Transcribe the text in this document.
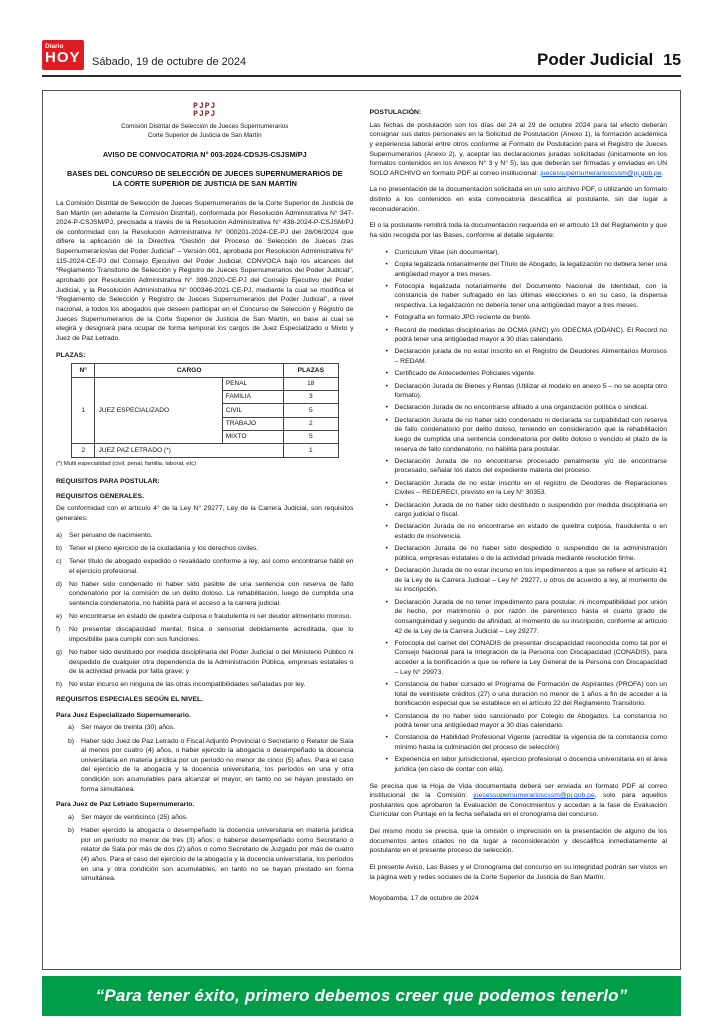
Diario
HOY Sábado, 19 de octubre de 2024	Poder Judicial 15
PJPJ
PJPJ
Comisión Distrital de Selección de Jueces Supernumerarios
Corte Superior de Justicia de San Martín
AVISO DE CONVOCATORIA N° 003-2024-CDSJS-CSJSM/PJ
BASES DEL CONCURSO DE SELECCIÓN DE JUECES SUPERNUMERARIOS DE LA CORTE SUPERIOR DE JUSTICIA DE SAN MARTÍN

La Comisión Distrital de Selección de Jueces Supernumerarios de la Corte Superior de Justicia de San Martín (en adelante la Comisión Distrital), conformada por Resolución Administrativa N° 347-2024-P-CSJSM/PJ, precisada a través de la Resolución Administrativa N° 438-2024-P-CSJSM/PJ de conformidad con la Resolución Administrativa N° 000201-2024-CE-PJ del 28/06/2024 que difiere la aplicación de la Directiva “Gestión del Proceso de Selección de Jueces /zas Supernumerarios/as del Poder Judicial” – Versión 001, aprobada por Resolución Administrativa N° 115-2024-CE-PJ del Consejo Ejecutivo del Poder Judicial; CONVOCA bajo los alcances del “Reglamento Transitorio de Selección y Registro de Jueces Supernumerarios del Poder Judicial”, aprobado por Resolución Administrativa N° 399-2020-CE-PJ del Consejo Ejecutivo del Poder Judicial, y la Resolución Administrativa N° 000346-2021-CE-PJ, mediante la cual se modifica el “Reglamento de Selección y Registro de Jueces Supernumerarios del Poder Judicial”, a nivel nacional, a todos los abogados que deseen participar en el Concurso de Selección y Registro de Jueces Supernumerarios de la Corte Superior de Justicia de San Martín, en base al cual se elegirá y designará para ocupar de forma temporal los cargos de Juez Especializado o Mixto y Juez de Paz Letrado.

PLAZAS:
N°	CARGO		PLAZAS
1	JUEZ ESPECIALIZADO	PENAL	18
		FAMILIA	3
		CIVIL	5
		TRABAJO	2
		MIXTO	5
2	JUEZ PAZ LETRADO (*)		1
(*) Multi especialidad (civil, penal, familia, laboral, etc)
REQUISITOS PARA POSTULAR:
REQUISITOS GENERALES.

De conformidad con el artículo 4° de la Ley N° 29277, Ley de la Carrera Judicial, son requisitos generales:

a)	Ser peruano de nacimiento.
b)	Tener el pleno ejercicio de la ciudadanía y los derechos civiles.
c)	Tener título de abogado expedido o revalidado conforme a ley, así como encontrarse hábil en el ejercicio profesional.
d)	No haber sido condenado ni haber sido pasible de una sentencia con reserva de fallo condenatorio por la comisión de un delito doloso. La rehabilitación, luego de cumplida una sentencia condenatoria, no habilita para el acceso a la carrera judicial.
e)	No encontrarse en estado de quiebra culposa o fraudulenta ni ser deudor alimentario moroso.
f)	No presentar discapacidad mental, física o sensorial debidamente acreditada, que lo imposibilite para cumplir con sus funciones.
g)	No haber sido destituido por medida disciplinaria del Poder Judicial o del Ministerio Público ni despedido de cualquier otra dependencia de la Administración Pública, empresas estatales o de la actividad privada por falta grave; y
h)	No estar incurso en ninguna de las otras incompatibilidades señaladas por ley.
REQUISITOS ESPECIALES SEGÚN EL NIVEL.
Para Juez Especializado Supernumerario.
a)	Ser mayor de treinta (30) años.
b)	Haber sido Juez de Paz Letrado o Fiscal Adjunto Provincial o Secretario o Relator de Sala al menos por cuatro (4) años, o haber ejercido la abogacía o desempeñado la docencia universitaria en materia jurídica por un período no menor de cinco (5) años. Para el caso del ejercicio de la abogacía y la docencia universitaria, los períodos en una y otra condición son acumulables para alcanzar el mayor, en tanto no se hayan prestado en forma simultánea.
Para Juez de Paz Letrado Supernumerario.
a)	Ser mayor de veinticinco (25) años.
b)	Haber ejercido la abogacía o desempeñado la docencia universitaria en materia jurídica por un período no menor de tres (3) años; o haberse desempeñado como Secretario o relator de Sala por más de dos (2) años o como Secretario de Juzgado por más de cuatro (4) años. Para el caso del ejercicio de la abogacía y la docencia universitaria, los períodos en una y otra condición son acumulables, en tanto no se hayan prestado en forma simultánea.
POSTULACIÓN:

Las fechas de postulación son los días del 24 al 29 de octubre 2024 para tal efecto deberán consignar sus datos personales en la Solicitud de Postulación (Anexo 1), la formación académica y experiencia laboral entre otros conforme al Formato de Postulación para el Registro de Jueces Supernumerarios (Anexo 2), y, aceptar las declaraciones juradas solicitadas (únicamente en los formatos contenidos en los Anexos N° 3 y N° 5), las que deberán ser firmadas y enviadas en UN SOLO ARCHIVO en formato PDF al correo institucional: juecessupernumerarioscssm@pj.gob.pe.

La no presentación de la documentación solicitada en un solo archivo PDF, o utilizando un formato distinto a los contenidos en esta convocatoria descalifica al postulante, sin dar lugar a reconsideración.

El o la postulante remitirá toda la documentación requerida en el artículo 13 del Reglamento y que ha sido recogida por las Bases, conforme al detalle siguiente:

• Curriculum Vitae (sin documentar).
• Copia legalizada notarialmente del Título de Abogado, la legalización no debiera tener una antigüedad mayor a tres meses.
• Fotocopia legalizada notarialmente del Documento Nacional de Identidad, con la constancia de haber sufragado en las últimas elecciones o en su caso, la dispensa respectiva. La legalización no debería tener una antigüedad mayor a tres meses.
• Fotografía en formato JPG reciente de frente.
• Record de medidas disciplinarias de OCMA (ANC) y/o ODECMA (ODANC). El Record no podrá tener una antigüedad mayor a 30 días calendario.
• Declaración jurada de no estar inscrito en el Registro de Deudores Alimentarios Morosos – REDAM.
• Certificado de Antecedentes Policiales vigente.
• Declaración Jurada de Bienes y Rentas (Utilizar el modelo en anexo 5 – no se acepta otro formato).
• Declaración Jurada de no encontrarse afiliado a una organización política o sindical.
• Declaración Jurada de no haber sido condenado ni declarada su culpabilidad con reserva de fallo condenatorio por delito doloso, teniendo en consideración que la rehabilitación luego de cumplida una sentencia condenatoria por delito doloso o vencido el plazo de la reserva de fallo condenatorio, no habilita para postular.
• Declaración Jurada de no encontrarse procesado penalmente y/o de encontrarse procesado, señalar los datos del expediente materia del proceso.
• Declaración Jurada de no estar inscrito en el registro de Deudores de Reparaciones Civiles – REDERECI, previsto en la Ley N° 30353.
• Declaración Jurada de no haber sido destituido o suspendido por medida disciplinaria en cargo judicial o fiscal.
• Declaración Jurada de no encontrarse en estado de quiebra culposa, fraudulenta o en estado de insolvencia.
• Declaración Jurada de no haber sido despedido o suspendido de la administración pública, empresas estatales o de la actividad privada mediante resolución firme.
• Declaración Jurada de no estar incurso en los impedimentos a que se refiere el artículo 41 de la Ley de la Carrera Judicial – Ley N° 29277, u otros de acuerdo a ley, al momento de su inscripción.
• Declaración Jurada de no tener impedimento para postular, ni incompatibilidad por unión de hecho, por matrimonio o por razón de parentesco hasta el cuarto grado de consanguinidad y segundo de afinidad, al momento de su inscripción, conforme al artículo 42 de la Ley de la Carrera Judicial – Ley 29277.
• Fotocopia del carnet del CONADIS de presentar discapacidad reconocida como tal por el Consejo Nacional para la Integración de la Persona con Discapacidad (CONADIS), para acceder a la bonificación a que se refiere la Ley General de la Persona con Discapacidad – Ley N° 29973.
• Constancia de haber cursado el Programa de Formación de Aspirantes (PROFA) con un total de veintisiete créditos (27) o una duración no menor de 1 años a fin de acceder a la bonificación especial que se establece en el artículo 22 del Reglamento Transitorio.
• Constancia de no haber sido sancionado por Colegio de Abogados. La constancia no podrá tener una antigüedad mayor a 30 días calendario.
• Constancia de Habilidad Profesional Vigente (acreditar la vigencia de la constancia como mínimo hasta la culminación del proceso de selección)
• Experiencia en labor jurisdiccional, ejercicio profesional o docencia universitaria en el área jurídica (en caso de contar con ella).

Se precisa que la Hoja de Vida documentada deberá ser enviada en formato PDF al correo institucional de la Comisión: juecessupernumerarioscssm@pj.gob.pe, solo para aquellos postulantes que aprobaron la Evaluación de Conocimientos y accedan a la fase de Evaluación Curricular con Puntaje en la fecha señalada en el cronograma del concurso.

Del mismo modo se precisa, que la omisión o imprecisión en la presentación de alguno de los documentos antes citados no da lugar a reconsideración y descalifica inmediatamente al postulante en el presente proceso de selección.

El presente Aviso, Las Bases y el Cronograma del concurso en su integridad podrán ser vistos en la página web y redes sociales de la Corte Superior de Justicia de San Martín.

Moyobamba, 17 de octubre de 2024
“Para tener éxito, primero debemos creer que podemos tenerlo”
